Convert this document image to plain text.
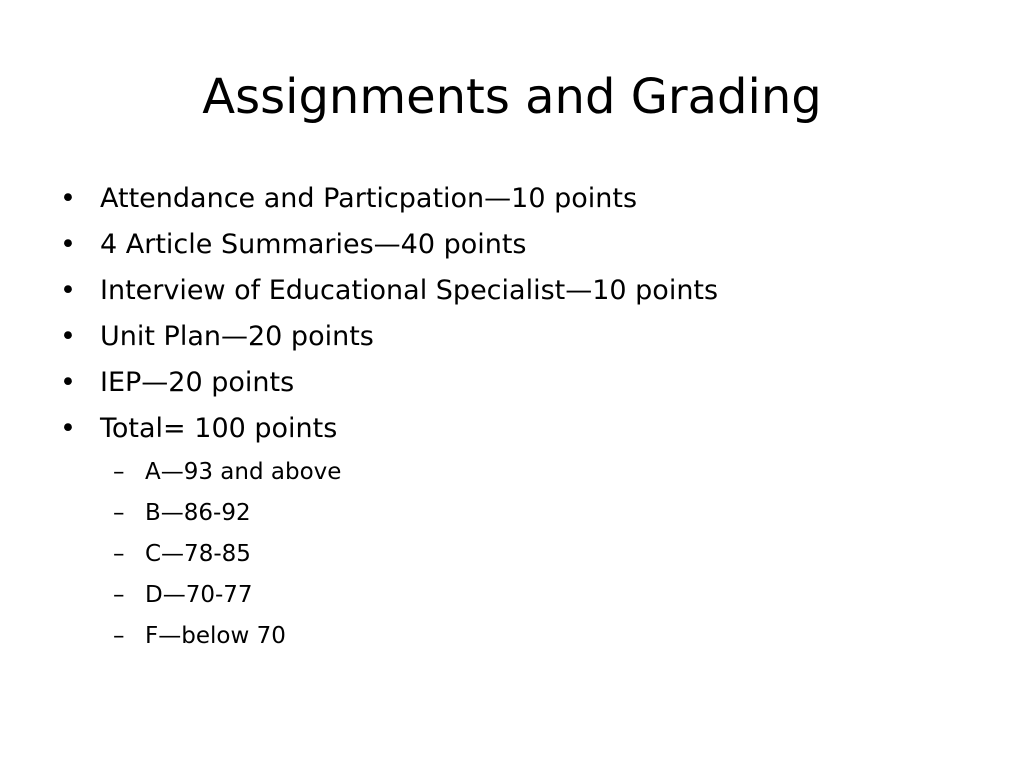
Assignments and Grading
• Attendance and Particpation—10 points
• 4 Article Summaries—40 points
• Interview of Educational Specialist—10 points
• Unit Plan—20 points
• IEP—20 points
• Total= 100 points
– A—93 and above
– B—86-92
– C—78-85
– D—70-77
– F—below 70
